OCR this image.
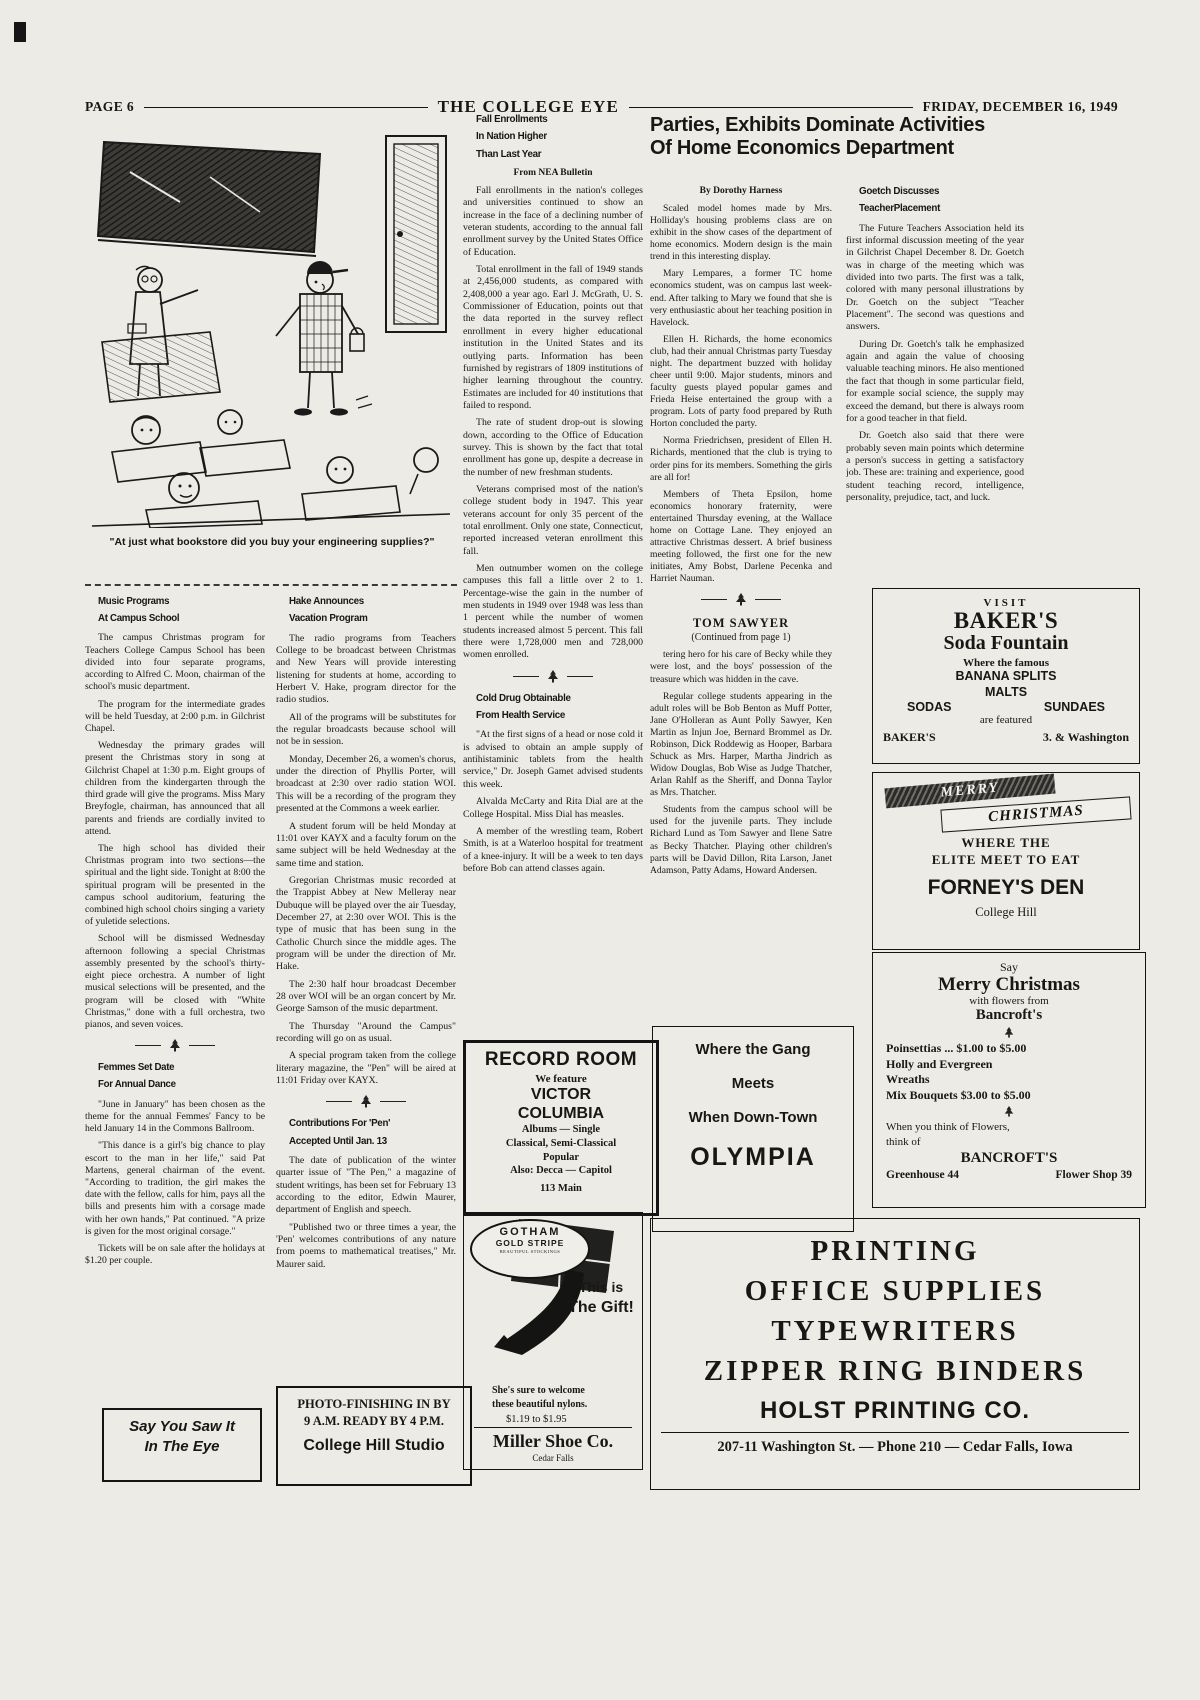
PAGE 6	THE COLLEGE EYE	FRIDAY, DECEMBER 16, 1949
"At just what bookstore did you buy your engineering supplies?"

Fall Enrollments

In Nation Higher

Than Last Year

From NEA Bulletin

Fall enrollments in the nation's colleges and universities continued to show an increase in the face of a declining number of veteran students, according to the annual fall enrollment survey by the United States Office of Education.

Total enrollment in the fall of 1949 stands at 2,456,000 students, as compared with 2,408,000 a year ago. Earl J. McGrath, U. S. Commissioner of Education, points out that the data reported in the survey reflect enrollment in every higher educational institution in the United States and its outlying parts. Information has been furnished by registrars of 1809 institutions of higher learning throughout the country. Estimates are included for 40 institutions that failed to respond.

The rate of student drop-out is slowing down, according to the Office of Education survey. This is shown by the fact that total enrollment has gone up, despite a decrease in the number of new freshman students.

Veterans comprised most of the nation's college student body in 1947. This year veterans account for only 35 percent of the total enrollment. Only one state, Connecticut, reported increased veteran enrollment this fall.

Men outnumber women on the college campuses this fall a little over 2 to 1. Percentage-wise the gain in the number of men students in 1949 over 1948 was less than 1 percent while the number of women students increased almost 5 percent. This fall there were 1,728,000 men and 728,000 women enrolled.

Cold Drug Obtainable

From Health Service

"At the first signs of a head or nose cold it is advised to obtain an ample supply of antihistaminic tablets from the health service," Dr. Joseph Gamet advised students this week.

Alvalda McCarty and Rita Dial are at the College Hospital. Miss Dial has measles.

A member of the wrestling team, Robert Smith, is at a Waterloo hospital for treatment of a knee-injury. It will be a week to ten days before Bob can attend classes again.

Parties, Exhibits Dominate Activities

Of Home Economics Department

By Dorothy Harness

Scaled model homes made by Mrs. Holliday's housing problems class are on exhibit in the show cases of the department of home economics. Modern design is the main trend in this interesting display.

Mary Lempares, a former TC home economics student, was on campus last week-end. After talking to Mary we found that she is very enthusiastic about her teaching position in Havelock.

Ellen H. Richards, the home economics club, had their annual Christmas party Tuesday night. The department buzzed with holiday cheer until 9:00. Major students, minors and faculty guests played popular games and Frieda Heise entertained the group with a program. Lots of party food prepared by Ruth Horton concluded the party.

Norma Friedrichsen, president of Ellen H. Richards, mentioned that the club is trying to order pins for its members. Something the girls are all for!

Members of Theta Epsilon, home economics honorary fraternity, were entertained Thursday evening, at the Wallace home on Cottage Lane. They enjoyed an attractive Christmas dessert. A brief business meeting followed, the first one for the new initiates, Amy Bobst, Darlene Pecenka and Harriet Nauman.

TOM SAWYER
(Continued from page 1)

tering hero for his care of Becky while they were lost, and the boys' possession of the treasure which was hidden in the cave.

Regular college students appearing in the adult roles will be Bob Benton as Muff Potter, Jane O'Holleran as Aunt Polly Sawyer, Ken Martin as Injun Joe, Bernard Brommel as Dr. Robinson, Dick Roddewig as Hooper, Barbara Schuck as Mrs. Harper, Martha Jindrich as Widow Douglas, Bob Wise as Judge Thatcher, Arlan Rahlf as the Sheriff, and Donna Taylor as Mrs. Thatcher.

Students from the campus school will be used for the juvenile parts. They include Richard Lund as Tom Sawyer and Ilene Satre as Becky Thatcher. Playing other children's parts will be David Dillon, Rita Larson, Janet Adamson, Patty Adams, Howard Andersen.

Goetch Discusses

TeacherPlacement

The Future Teachers Association held its first informal discussion meeting of the year in Gilchrist Chapel December 8. Dr. Goetch was in charge of the meeting which was divided into two parts. The first was a talk, colored with many personal illustrations by Dr. Goetch on the subject "Teacher Placement". The second was questions and answers.

During Dr. Goetch's talk he emphasized again and again the value of choosing valuable teaching minors. He also mentioned the fact that though in some particular field, for example social science, the supply may exceed the demand, but there is always room for a good teacher in that field.

Dr. Goetch also said that there were probably seven main points which determine a person's success in getting a satisfactory job. These are: training and experience, good student teaching record, intelligence, personality, prejudice, tact, and luck.

Music Programs

At Campus School

The campus Christmas program for Teachers College Campus School has been divided into four separate programs, according to Alfred C. Moon, chairman of the school's music department.

The program for the intermediate grades will be held Tuesday, at 2:00 p.m. in Gilchrist Chapel.

Wednesday the primary grades will present the Christmas story in song at Gilchrist Chapel at 1:30 p.m. Eight groups of children from the kindergarten through the third grade will give the programs. Miss Mary Breyfogle, chairman, has announced that all parents and friends are cordially invited to attend.

The high school has divided their Christmas program into two sections—the spiritual and the light side. Tonight at 8:00 the spiritual program will be presented in the campus school auditorium, featuring the combined high school choirs singing a variety of yuletide selections.

School will be dismissed Wednesday afternoon following a special Christmas assembly presented by the school's thirty-eight piece orchestra. A number of light musical selections will be presented, and the program will be closed with "White Christmas," done with a full orchestra, two pianos, and seven voices.

Femmes Set Date

For Annual Dance

"June in January" has been chosen as the theme for the annual Femmes' Fancy to be held January 14 in the Commons Ballroom.

"This dance is a girl's big chance to play escort to the man in her life," said Pat Martens, general chairman of the event. "According to tradition, the girl makes the date with the fellow, calls for him, pays all the bills and presents him with a corsage made with her own hands," Pat continued. "A prize is given for the most original corsage."

Tickets will be on sale after the holidays at $1.20 per couple.

Hake Announces

Vacation Program

The radio programs from Teachers College to be broadcast between Christmas and New Years will provide interesting listening for students at home, according to Herbert V. Hake, program director for the radio studios.

All of the programs will be substitutes for the regular broadcasts because school will not be in session.

Monday, December 26, a women's chorus, under the direction of Phyllis Porter, will broadcast at 2:30 over radio station WOI. This will be a recording of the program they presented at the Commons a week earlier.

A student forum will be held Monday at 11:01 over KAYX and a faculty forum on the same subject will be held Wednesday at the same time and station.

Gregorian Christmas music recorded at the Trappist Abbey at New Melleray near Dubuque will be played over the air Tuesday, December 27, at 2:30 over WOI. This is the type of music that has been sung in the Catholic Church since the middle ages. The program will be under the direction of Mr. Hake.

The 2:30 half hour broadcast December 28 over WOI will be an organ concert by Mr. George Samson of the music department.

The Thursday "Around the Campus" recording will go on as usual.

A special program taken from the college literary magazine, the "Pen" will be aired at 11:01 Friday over KAYX.

Contributions For 'Pen'

Accepted Until Jan. 13

The date of publication of the winter quarter issue of "The Pen," a magazine of student writings, has been set for February 13 according to the editor, Edwin Maurer, department of English and speech.

"Published two or three times a year, the 'Pen' welcomes contributions of any nature from poems to mathematical treatises," Mr. Maurer said.

VISIT
BAKER'S
Soda Fountain
Where the famous
BANANA SPLITS
MALTS
SODAS	SUNDAES
are featured
BAKER'S	3. & Washington
MERRY
CHRISTMAS
WHERE THE
ELITE MEET TO EAT
FORNEY'S DEN
College Hill
Say
Merry Christmas
with flowers from
Bancroft's
Poinsettias ... $1.00 to $5.00
Holly and Evergreen
Wreaths
Mix Bouquets $3.00 to $5.00
When you think of Flowers,
think of
BANCROFT'S
Greenhouse 44	Flower Shop 39
RECORD ROOM
We feature
VICTOR
COLUMBIA
Albums — Single
Classical, Semi-Classical
Popular
Also: Decca — Capitol
113 Main
Where the Gang
Meets
When Down-Town
OLYMPIA
GOTHAM
GOLD STRIPE
BEAUTIFUL STOCKINGS
This is
The Gift!
She's sure to welcome
these beautiful nylons.
$1.19 to $1.95
Miller Shoe Co.
Cedar Falls
PRINTING
OFFICE SUPPLIES
TYPEWRITERS
ZIPPER RING BINDERS
HOLST PRINTING CO.
207-11 Washington St. — Phone 210 — Cedar Falls, Iowa
PHOTO-FINISHING IN BY
9 A.M. READY BY 4 P.M.
College Hill Studio
Say You Saw It
In The Eye
